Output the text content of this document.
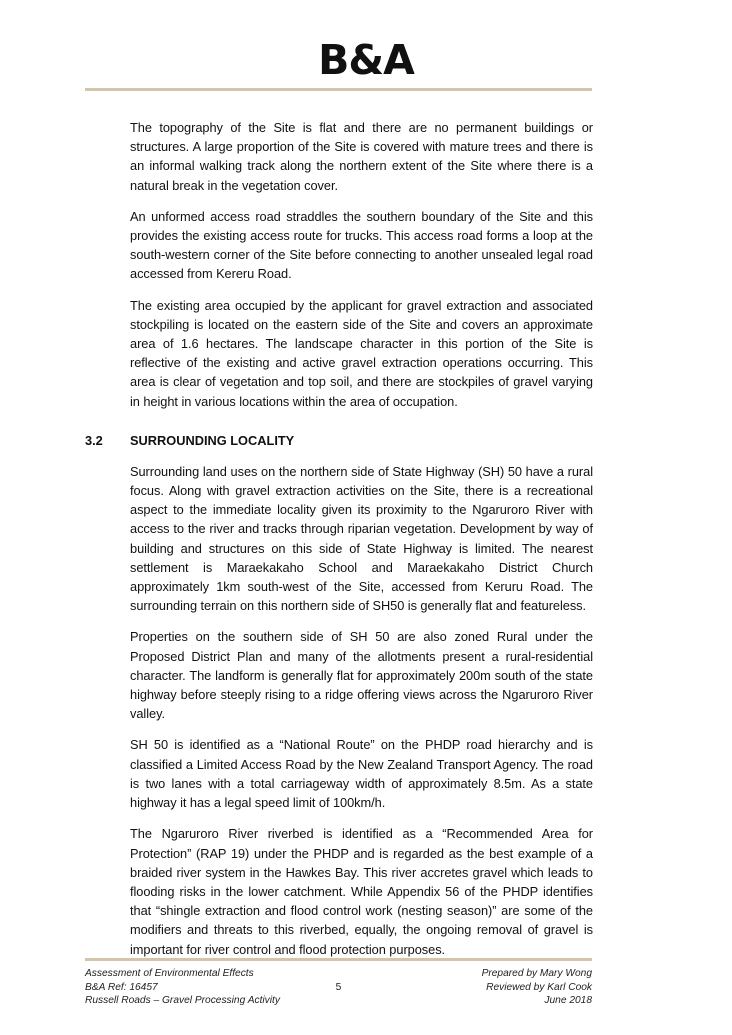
B&A

The topography of the Site is flat and there are no permanent buildings or structures. A large proportion of the Site is covered with mature trees and there is an informal walking track along the northern extent of the Site where there is a natural break in the vegetation cover.

An unformed access road straddles the southern boundary of the Site and this provides the existing access route for trucks. This access road forms a loop at the south-western corner of the Site before connecting to another unsealed legal road accessed from Kereru Road.

The existing area occupied by the applicant for gravel extraction and associated stockpiling is located on the eastern side of the Site and covers an approximate area of 1.6 hectares. The landscape character in this portion of the Site is reflective of the existing and active gravel extraction operations occurring. This area is clear of vegetation and top soil, and there are stockpiles of gravel varying in height in various locations within the area of occupation.

3.2 SURROUNDING LOCALITY

Surrounding land uses on the northern side of State Highway (SH) 50 have a rural focus. Along with gravel extraction activities on the Site, there is a recreational aspect to the immediate locality given its proximity to the Ngaruroro River with access to the river and tracks through riparian vegetation. Development by way of building and structures on this side of State Highway is limited. The nearest settlement is Maraekakaho School and Maraekakaho District Church approximately 1km south-west of the Site, accessed from Keruru Road. The surrounding terrain on this northern side of SH50 is generally flat and featureless.

Properties on the southern side of SH 50 are also zoned Rural under the Proposed District Plan and many of the allotments present a rural-residential character. The landform is generally flat for approximately 200m south of the state highway before steeply rising to a ridge offering views across the Ngaruroro River valley.

SH 50 is identified as a “National Route” on the PHDP road hierarchy and is classified a Limited Access Road by the New Zealand Transport Agency. The road is two lanes with a total carriageway width of approximately 8.5m. As a state highway it has a legal speed limit of 100km/h.

The Ngaruroro River riverbed is identified as a “Recommended Area for Protection” (RAP 19) under the PHDP and is regarded as the best example of a braided river system in the Hawkes Bay. This river accretes gravel which leads to flooding risks in the lower catchment. While Appendix 56 of the PHDP identifies that “shingle extraction and flood control work (nesting season)” are some of the modifiers and threats to this riverbed, equally, the ongoing removal of gravel is important for river control and flood protection purposes.

Assessment of Environmental Effects
B&A Ref: 16457
Russell Roads – Gravel Processing Activity
5
Prepared by Mary Wong
Reviewed by Karl Cook
June 2018
